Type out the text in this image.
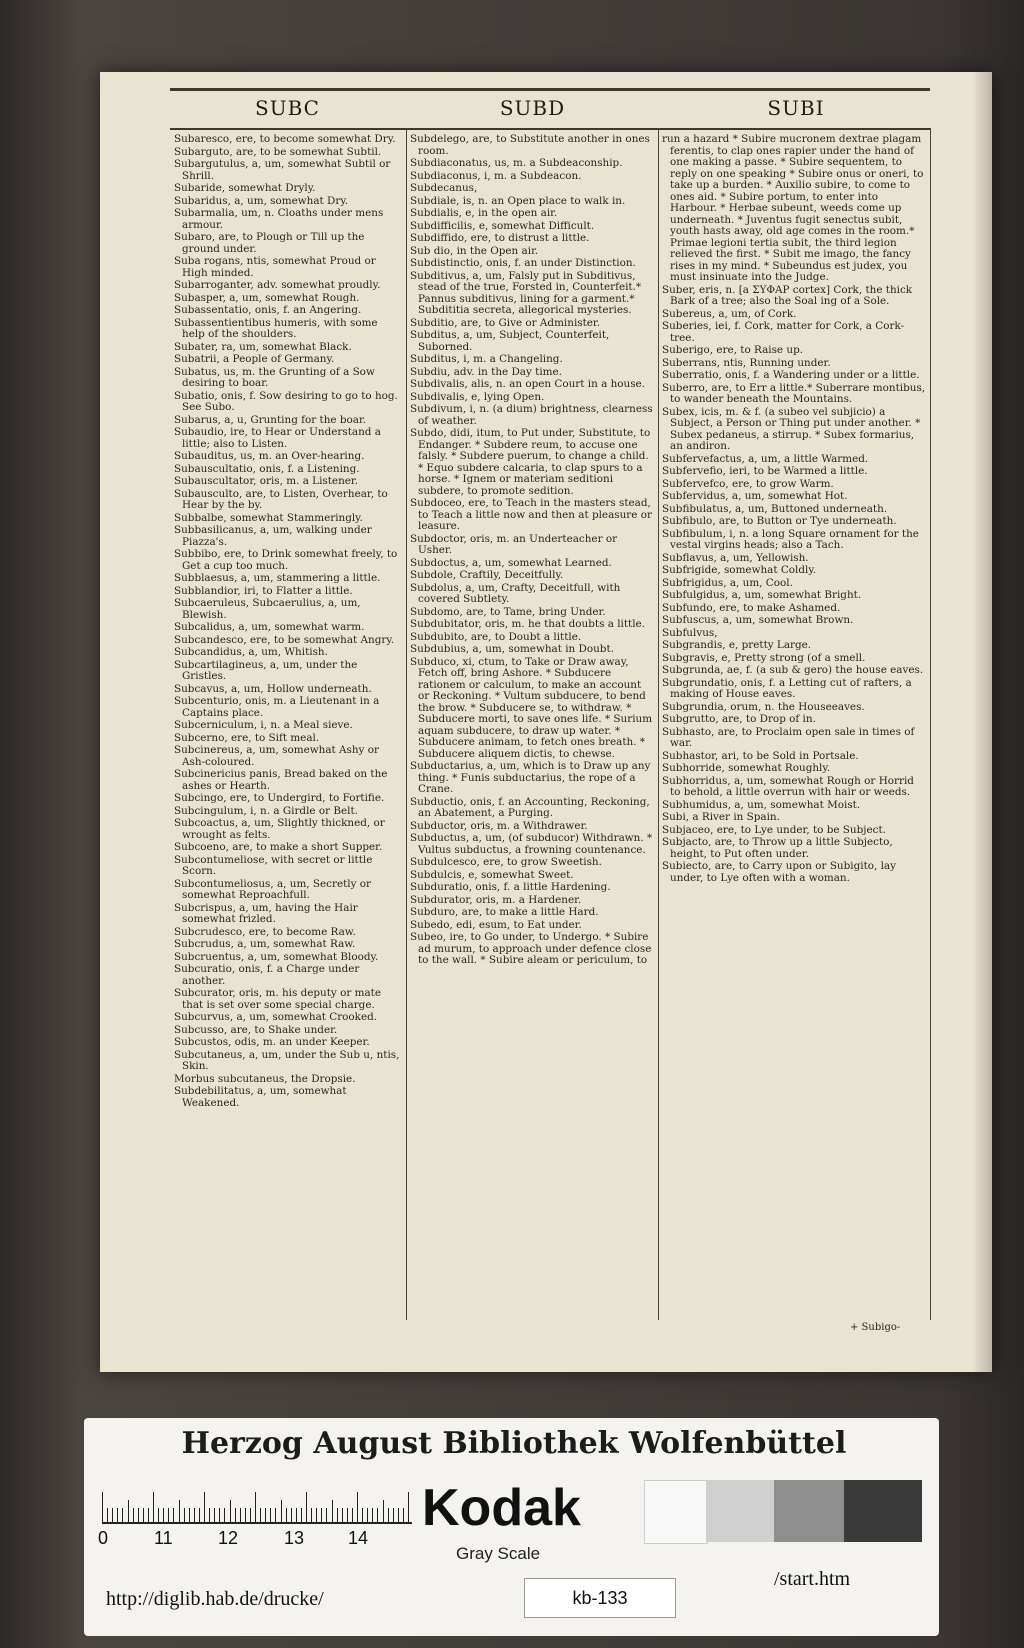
SUBC	SUBD	SUBI

Subaresco, ere, to become somewhat Dry.

Subarguto, are, to be somewhat Subtil.

Subargutulus, a, um, somewhat Subtil or Shrill.

Subaride, somewhat Dryly.

Subaridus, a, um, somewhat Dry.

Subarmalia, um, n. Cloaths under mens armour.

Subaro, are, to Plough or Till up the ground under.

Suba rogans, ntis, somewhat Proud or High minded.

Subarroganter, adv. somewhat proudly.

Subasper, a, um, somewhat Rough.

Subassentatio, onis, f. an Angering.

Subassentientibus humeris, with some help of the shoulders.

Subater, ra, um, somewhat Black.

Subatrii, a People of Germany.

Subatus, us, m. the Grunting of a Sow desiring to boar.

Subatio, onis, f. Sow desiring to go to hog. See Subo.

Subarus, a, u, Grunting for the boar.

Subaudio, ire, to Hear or Understand a little; also to Listen.

Subauditus, us, m. an Over-hearing.

Subauscultatio, onis, f. a Listening.

Subauscultator, oris, m. a Listener.

Subausculto, are, to Listen, Overhear, to Hear by the by.

Subbalbe, somewhat Stammeringly.

Subbasilicanus, a, um, walking under Piazza's.

Subbibo, ere, to Drink somewhat freely, to Get a cup too much.

Subblaesus, a, um, stammering a little.

Subblandior, iri, to Flatter a little.

Subcaeruleus, Subcaerulius, a, um, Blewish.

Subcalidus, a, um, somewhat warm.

Subcandesco, ere, to be somewhat Angry.

Subcandidus, a, um, Whitish.

Subcartilagineus, a, um, under the Gristles.

Subcavus, a, um, Hollow underneath.

Subcenturio, onis, m. a Lieutenant in a Captains place.

Subcerniculum, i, n. a Meal sieve.

Subcerno, ere, to Sift meal.

Subcinereus, a, um, somewhat Ashy or Ash-coloured.

Subcinericius panis, Bread baked on the ashes or Hearth.

Subcingo, ere, to Undergird, to Fortifie.

Subcingulum, i, n. a Girdle or Belt.

Subcoactus, a, um, Slightly thickned, or wrought as felts.

Subcoeno, are, to make a short Supper.

Subcontumeliose, with secret or little Scorn.

Subcontumeliosus, a, um, Secretly or somewhat Reproachfull.

Subcrispus, a, um, having the Hair somewhat frizled.

Subcrudesco, ere, to become Raw.

Subcrudus, a, um, somewhat Raw.

Subcruentus, a, um, somewhat Bloody.

Subcuratio, onis, f. a Charge under another.

Subcurator, oris, m. his deputy or mate that is set over some special charge.

Subcurvus, a, um, somewhat Crooked.

Subcusso, are, to Shake under.

Subcustos, odis, m. an under Keeper.

Subcutaneus, a, um, under the Sub u, ntis, Skin.

Morbus subcutaneus, the Dropsie.

Subdebilitatus, a, um, somewhat Weakened.

Subdelego, are, to Substitute another in ones room.

Subdiaconatus, us, m. a Subdeaconship.

Subdiaconus, i, m. a Subdeacon.

Subdecanus,

Subdiale, is, n. an Open place to walk in.

Subdialis, e, in the open air.

Subdifficilis, e, somewhat Difficult.

Subdiffido, ere, to distrust a little.

Sub dio, in the Open air.

Subdistinctio, onis, f. an under Distinction.

Subditivus, a, um, Falsly put in Subditivus, stead of the true, Forsted in, Counterfeit.* Pannus subditivus, lining for a garment.* Subdititia secreta, allegorical mysteries.

Subditio, are, to Give or Administer.

Subditus, a, um, Subject, Counterfeit, Suborned.

Subditus, i, m. a Changeling.

Subdiu, adv. in the Day time.

Subdivalis, alis, n. an open Court in a house.

Subdivalis, e, lying Open.

Subdivum, i, n. (a dium) brightness, clearness of weather.

Subdo, didi, itum, to Put under, Substitute, to Endanger. * Subdere reum, to accuse one falsly. * Subdere puerum, to change a child. * Equo subdere calcaria, to clap spurs to a horse. * Ignem or materiam seditioni subdere, to promote sedition.

Subdoceo, ere, to Teach in the masters stead, to Teach a little now and then at pleasure or leasure.

Subdoctor, oris, m. an Underteacher or Usher.

Subdoctus, a, um, somewhat Learned.

Subdole, Craftily, Deceitfully.

Subdolus, a, um, Crafty, Deceitfull, with covered Subtlety.

Subdomo, are, to Tame, bring Under.

Subdubitator, oris, m. he that doubts a little.

Subdubito, are, to Doubt a little.

Subdubius, a, um, somewhat in Doubt.

Subduco, xi, ctum, to Take or Draw away, Fetch off, bring Ashore. * Subducere rationem or calculum, to make an account or Reckoning. * Vultum subducere, to bend the brow. * Subducere se, to withdraw. * Subducere morti, to save ones life. * Surium aquam subducere, to draw up water. * Subducere animam, to fetch ones breath. * Subducere aliquem dictis, to chewse.

Subductarius, a, um, which is to Draw up any thing. * Funis subductarius, the rope of a Crane.

Subductio, onis, f. an Accounting, Reckoning, an Abatement, a Purging.

Subductor, oris, m. a Withdrawer.

Subductus, a, um, (of subducor) Withdrawn. * Vultus subductus, a frowning countenance.

Subdulcesco, ere, to grow Sweetish.

Subdulcis, e, somewhat Sweet.

Subduratio, onis, f. a little Hardening.

Subdurator, oris, m. a Hardener.

Subduro, are, to make a little Hard.

Subedo, edi, esum, to Eat under.

Subeo, ire, to Go under, to Undergo. * Subire ad murum, to approach under defence close to the wall. * Subire aleam or periculum, to

run a hazard * Subire mucronem dextrae plagam ferentis, to clap ones rapier under the hand of one making a passe. * Subire sequentem, to reply on one speaking * Subire onus or oneri, to take up a burden. * Auxilio subire, to come to ones aid. * Subire portum, to enter into Harbour. * Herbae subeunt, weeds come up underneath. * Juventus fugit senectus subit, youth hasts away, old age comes in the room.* Primae legioni tertia subit, the third legion relieved the first. * Subit me imago, the fancy rises in my mind. * Subeundus est judex, you must insinuate into the Judge.

Suber, eris, n. [a ΣΥΦΑΡ cortex] Cork, the thick Bark of a tree; also the Soal ing of a Sole.

Subereus, a, um, of Cork.

Suberies, iei, f. Cork, matter for Cork, a Cork-tree.

Suberigo, ere, to Raise up.

Suberrans, ntis, Running under.

Suberratio, onis, f. a Wandering under or a little.

Suberro, are, to Err a little.* Suberrare montibus, to wander beneath the Mountains.

Subex, icis, m. & f. (a subeo vel subjicio) a Subject, a Person or Thing put under another. * Subex pedaneus, a stirrup. * Subex formarius, an andiron.

Subfervefactus, a, um, a little Warmed.

Subfervefio, ieri, to be Warmed a little.

Subfervefco, ere, to grow Warm.

Subfervidus, a, um, somewhat Hot.

Subfibulatus, a, um, Buttoned underneath.

Subfibulo, are, to Button or Tye underneath.

Subfibulum, i, n. a long Square ornament for the vestal virgins heads; also a Tach.

Subflavus, a, um, Yellowish.

Subfrigide, somewhat Coldly.

Subfrigidus, a, um, Cool.

Subfulgidus, a, um, somewhat Bright.

Subfundo, ere, to make Ashamed.

Subfuscus, a, um, somewhat Brown.

Subfulvus,

Subgrandis, e, pretty Large.

Subgravis, e, Pretty strong (of a smell.

Subgrunda, ae, f. (a sub & gero) the house eaves.

Subgrundatio, onis, f. a Letting cut of rafters, a making of House eaves.

Subgrundia, orum, n. the Houseeaves.

Subgrutto, are, to Drop of in.

Subhasto, are, to Proclaim open sale in times of war.

Subhastor, ari, to be Sold in Portsale.

Subhorride, somewhat Roughly.

Subhorridus, a, um, somewhat Rough or Horrid to behold, a little overrun with hair or weeds.

Subhumidus, a, um, somewhat Moist.

Subi, a River in Spain.

Subjaceo, ere, to Lye under, to be Subject.

Subjacto, are, to Throw up a little Subjecto, height, to Put often under.

Subiecto, are, to Carry upon or Subigito, lay under, to Lye often with a woman.

+ Subigo-
Herzog August Bibliothek Wolfenbüttel
0	11	12	13 14
Kodak
Gray Scale
kb-133
http://diglib.hab.de/drucke/
/start.htm
